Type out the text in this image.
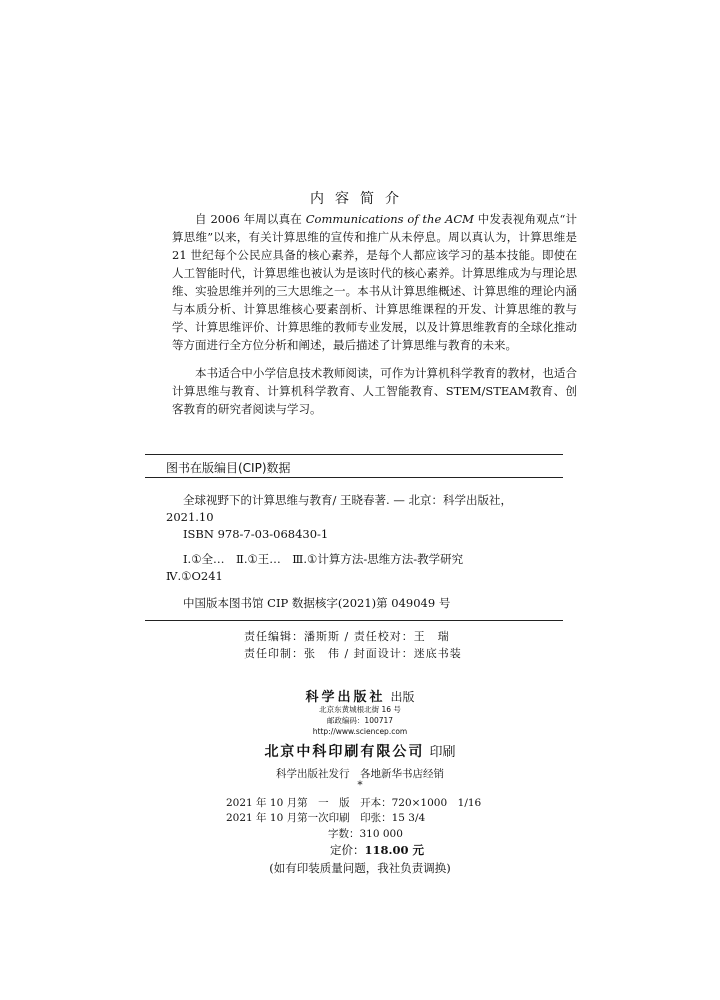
内容简介

自 2006 年周以真在 Communications of the ACM 中发表视角观点“计算思维”以来，有关计算思维的宣传和推广从未停息。周以真认为，计算思维是 21 世纪每个公民应具备的核心素养，是每个人都应该学习的基本技能。即使在人工智能时代，计算思维也被认为是该时代的核心素养。计算思维成为与理论思维、实验思维并列的三大思维之一。本书从计算思维概述、计算思维的理论内涵与本质分析、计算思维核心要素剖析、计算思维课程的开发、计算思维的教与学、计算思维评价、计算思维的教师专业发展，以及计算思维教育的全球化推动等方面进行全方位分析和阐述，最后描述了计算思维与教育的未来。

本书适合中小学信息技术教师阅读，可作为计算机科学教育的教材，也适合计算思维与教育、计算机科学教育、人工智能教育、STEM/STEAM教育、创客教育的研究者阅读与学习。

图书在版编目(CIP)数据
全球视野下的计算思维与教育/ 王晓春著. — 北京：科学出版社，
2021.10
ISBN 978-7-03-068430-1
Ⅰ.①全…　Ⅱ.①王…　Ⅲ.①计算方法-思维方法-教学研究
Ⅳ.①O241
中国版本图书馆 CIP 数据核字(2021)第 049049 号
责任编辑：潘斯斯 / 责任校对：王　瑞
责任印制：张　伟 / 封面设计：迷底书装
科学出版社 出版
北京东黄城根北街 16 号
邮政编码：100717
http://www.sciencep.com
北京中科印刷有限公司 印刷
科学出版社发行　各地新华书店经销
*
2021 年 10 月第　一　版　开本：720×1000　1/16
2021 年 10 月第一次印刷　印张：15 3/4
字数：310 000
定价：118.00 元
(如有印装质量问题，我社负责调换)
